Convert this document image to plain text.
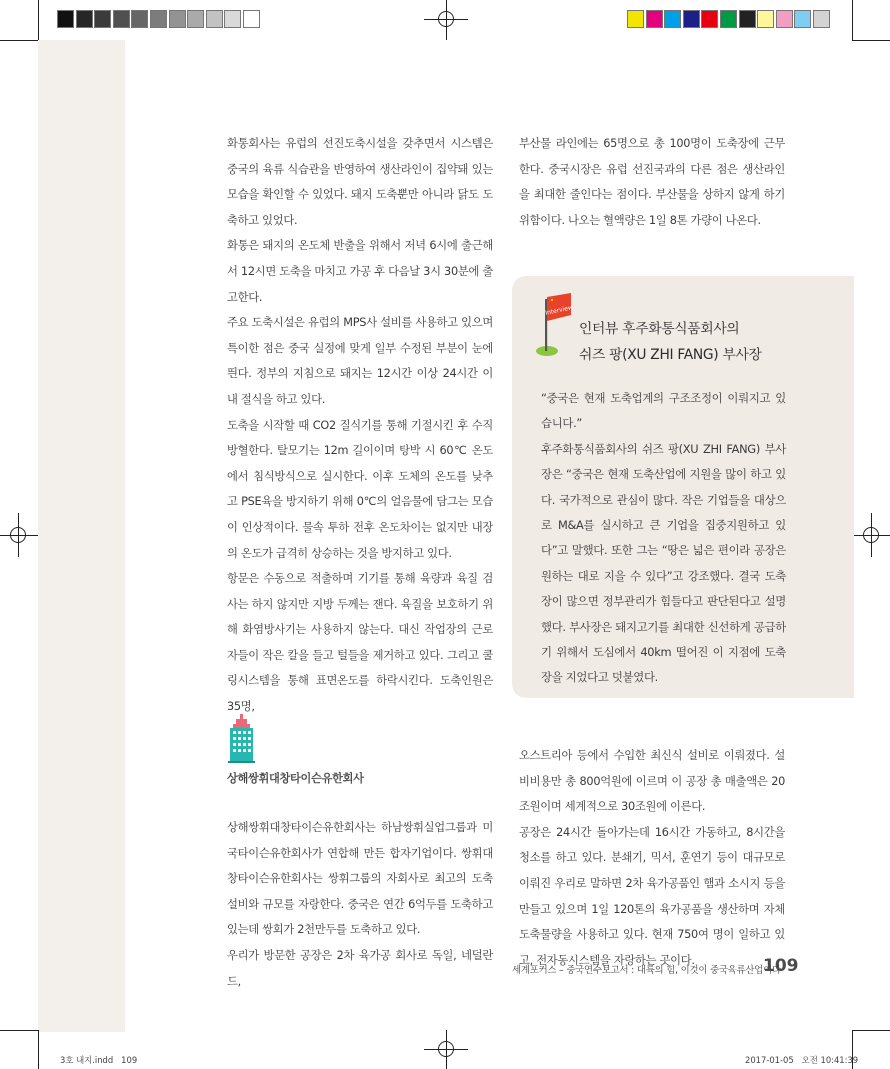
화통회사는 유럽의 선진도축시설을 갖추면서 시스템은 중국의 육류 식습관을 반영하여 생산라인이 집약돼 있는 모습을 확인할 수 있었다. 돼지 도축뿐만 아니라 닭도 도축하고 있었다.

화통은 돼지의 온도체 반출을 위해서 저녁 6시에 출근해서 12시면 도축을 마치고 가공 후 다음날 3시 30분에 출고한다.

주요 도축시설은 유럽의 MPS사 설비를 사용하고 있으며 특이한 점은 중국 실정에 맞게 일부 수정된 부분이 눈에 띈다. 정부의 지침으로 돼지는 12시간 이상 24시간 이내 절식을 하고 있다.

도축을 시작할 때 CO2 질식기를 통해 기절시킨 후 수직방혈한다. 탈모기는 12m 길이이며 탕박 시 60℃ 온도에서 침식방식으로 실시한다. 이후 도체의 온도를 낮추고 PSE육을 방지하기 위해 0℃의 얼음물에 담그는 모습이 인상적이다. 물속 투하 전후 온도차이는 없지만 내장의 온도가 급격히 상승하는 것을 방지하고 있다.

항문은 수동으로 적출하며 기기를 통해 육량과 육질 검사는 하지 않지만 지방 두께는 잰다. 육질을 보호하기 위해 화염방사기는 사용하지 않는다. 대신 작업장의 근로자들이 작은 칼을 들고 털들을 제거하고 있다. 그리고 쿨링시스템을 통해 표면온도를 하락시킨다. 도축인원은 35명,

부산물 라인에는 65명으로 총 100명이 도축장에 근무한다. 중국시장은 유럽 선진국과의 다른 점은 생산라인을 최대한 줄인다는 점이다. 부산물을 상하지 않게 하기 위함이다. 나오는 혈액량은 1일 8톤 가량이 나온다.

Interview
인터뷰 후주화통식품회사의
쉬즈 팡(XU ZHI FANG) 부사장

“중국은 현재 도축업계의 구조조정이 이뤄지고 있습니다.”

후주화통식품회사의 쉬즈 팡(XU ZHI FANG) 부사장은 “중국은 현재 도축산업에 지원을 많이 하고 있다. 국가적으로 관심이 많다. 작은 기업들을 대상으로 M&A를 실시하고 큰 기업을 집중지원하고 있다”고 말했다. 또한 그는 “땅은 넓은 편이라 공장은 원하는 대로 지을 수 있다”고 강조했다. 결국 도축장이 많으면 정부관리가 힘들다고 판단된다고 설명했다. 부사장은 돼지고기를 최대한 신선하게 공급하기 위해서 도심에서 40km 떨어진 이 지점에 도축장을 지었다고 덧붙였다.

상해쌍휘대창타이슨유한회사

상해쌍휘대창타이슨유한회사는 하남쌍휘실업그룹과 미국타이슨유한회사가 연합해 만든 합자기업이다. 쌍휘대창타이슨유한회사는 쌍휘그룹의 자회사로 최고의 도축설비와 규모를 자랑한다. 중국은 연간 6억두를 도축하고 있는데 쌍회가 2천만두를 도축하고 있다.

우리가 방문한 공장은 2차 육가공 회사로 독일, 네덜란드,

오스트리아 등에서 수입한 최신식 설비로 이뤄졌다. 설비비용만 총 800억원에 이르며 이 공장 총 매출액은 20조원이며 세계적으로 30조원에 이른다.

공장은 24시간 돌아가는데 16시간 가동하고, 8시간을 청소를 하고 있다. 분쇄기, 믹서, 훈연기 등이 대규모로 이뤄진 우리로 말하면 2차 육가공품인 햄과 소시지 등을 만들고 있으며 1일 120톤의 육가공품을 생산하며 자체 도축물량을 사용하고 있다. 현재 750여 명이 일하고 있고, 전자동시스템을 자랑하는 곳이다.

세계포커스 – 중국연수보고서 : 대륙의 힘, 이것이 중국육류산업이다
109
3호 내지.indd   109	2017-01-05   오전 10:41:39
